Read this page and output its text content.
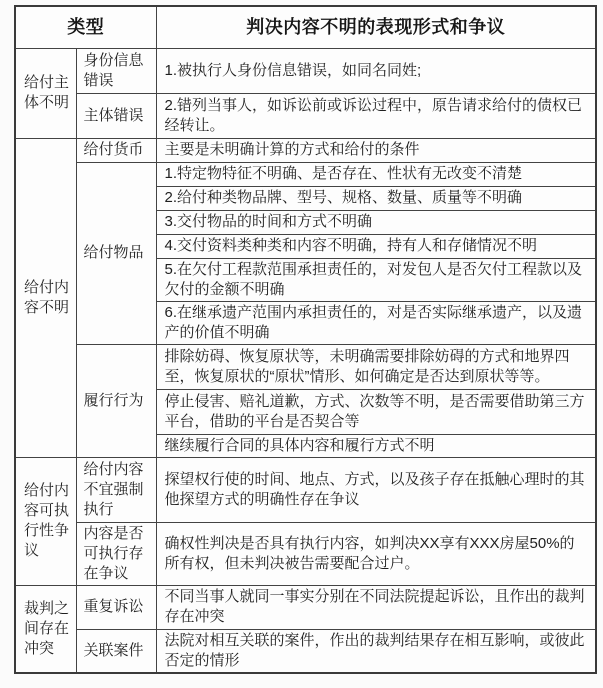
类型		判决内容不明的表现形式和争议
给付主体不明	身份信息错误	1.被执行人身份信息错误，如同名同姓;
	主体错误	2.错列当事人，如诉讼前或诉讼过程中，原告请求给付的债权已经转让。
给付内容不明	给付货币	主要是未明确计算的方式和给付的条件
	给付物品	1.特定物特征不明确、是否存在、性状有无改变不清楚
		2.给付种类物品牌、型号、规格、数量、质量等不明确
		3.交付物品的时间和方式不明确
		4.交付资料类种类和内容不明确，持有人和存储情况不明
		5.在欠付工程款范围承担责任的，对发包人是否欠付工程款以及欠付的金额不明确
		6.在继承遗产范围内承担责任的，对是否实际继承遗产，以及遗产的价值不明确
	履行行为	排除妨碍、恢复原状等，未明确需要排除妨碍的方式和地界四至，恢复原状的“原状”情形、如何确定是否达到原状等等。
		停止侵害、赔礼道歉，方式、次数等不明，是否需要借助第三方平台，借助的平台是否契合等
		继续履行合同的具体内容和履行方式不明
给付内容可执行性争议	给付内容不宜强制执行	探望权行使的时间、地点、方式，以及孩子存在抵触心理时的其他探望方式的明确性存在争议
	内容是否可执行存在争议	确权性判决是否具有执行内容，如判决XX享有XXX房屋50%的所有权，但未判决被告需要配合过户。
裁判之间存在冲突	重复诉讼	不同当事人就同一事实分别在不同法院提起诉讼，且作出的裁判存在冲突
	关联案件	法院对相互关联的案件，作出的裁判结果存在相互影响，或彼此否定的情形
